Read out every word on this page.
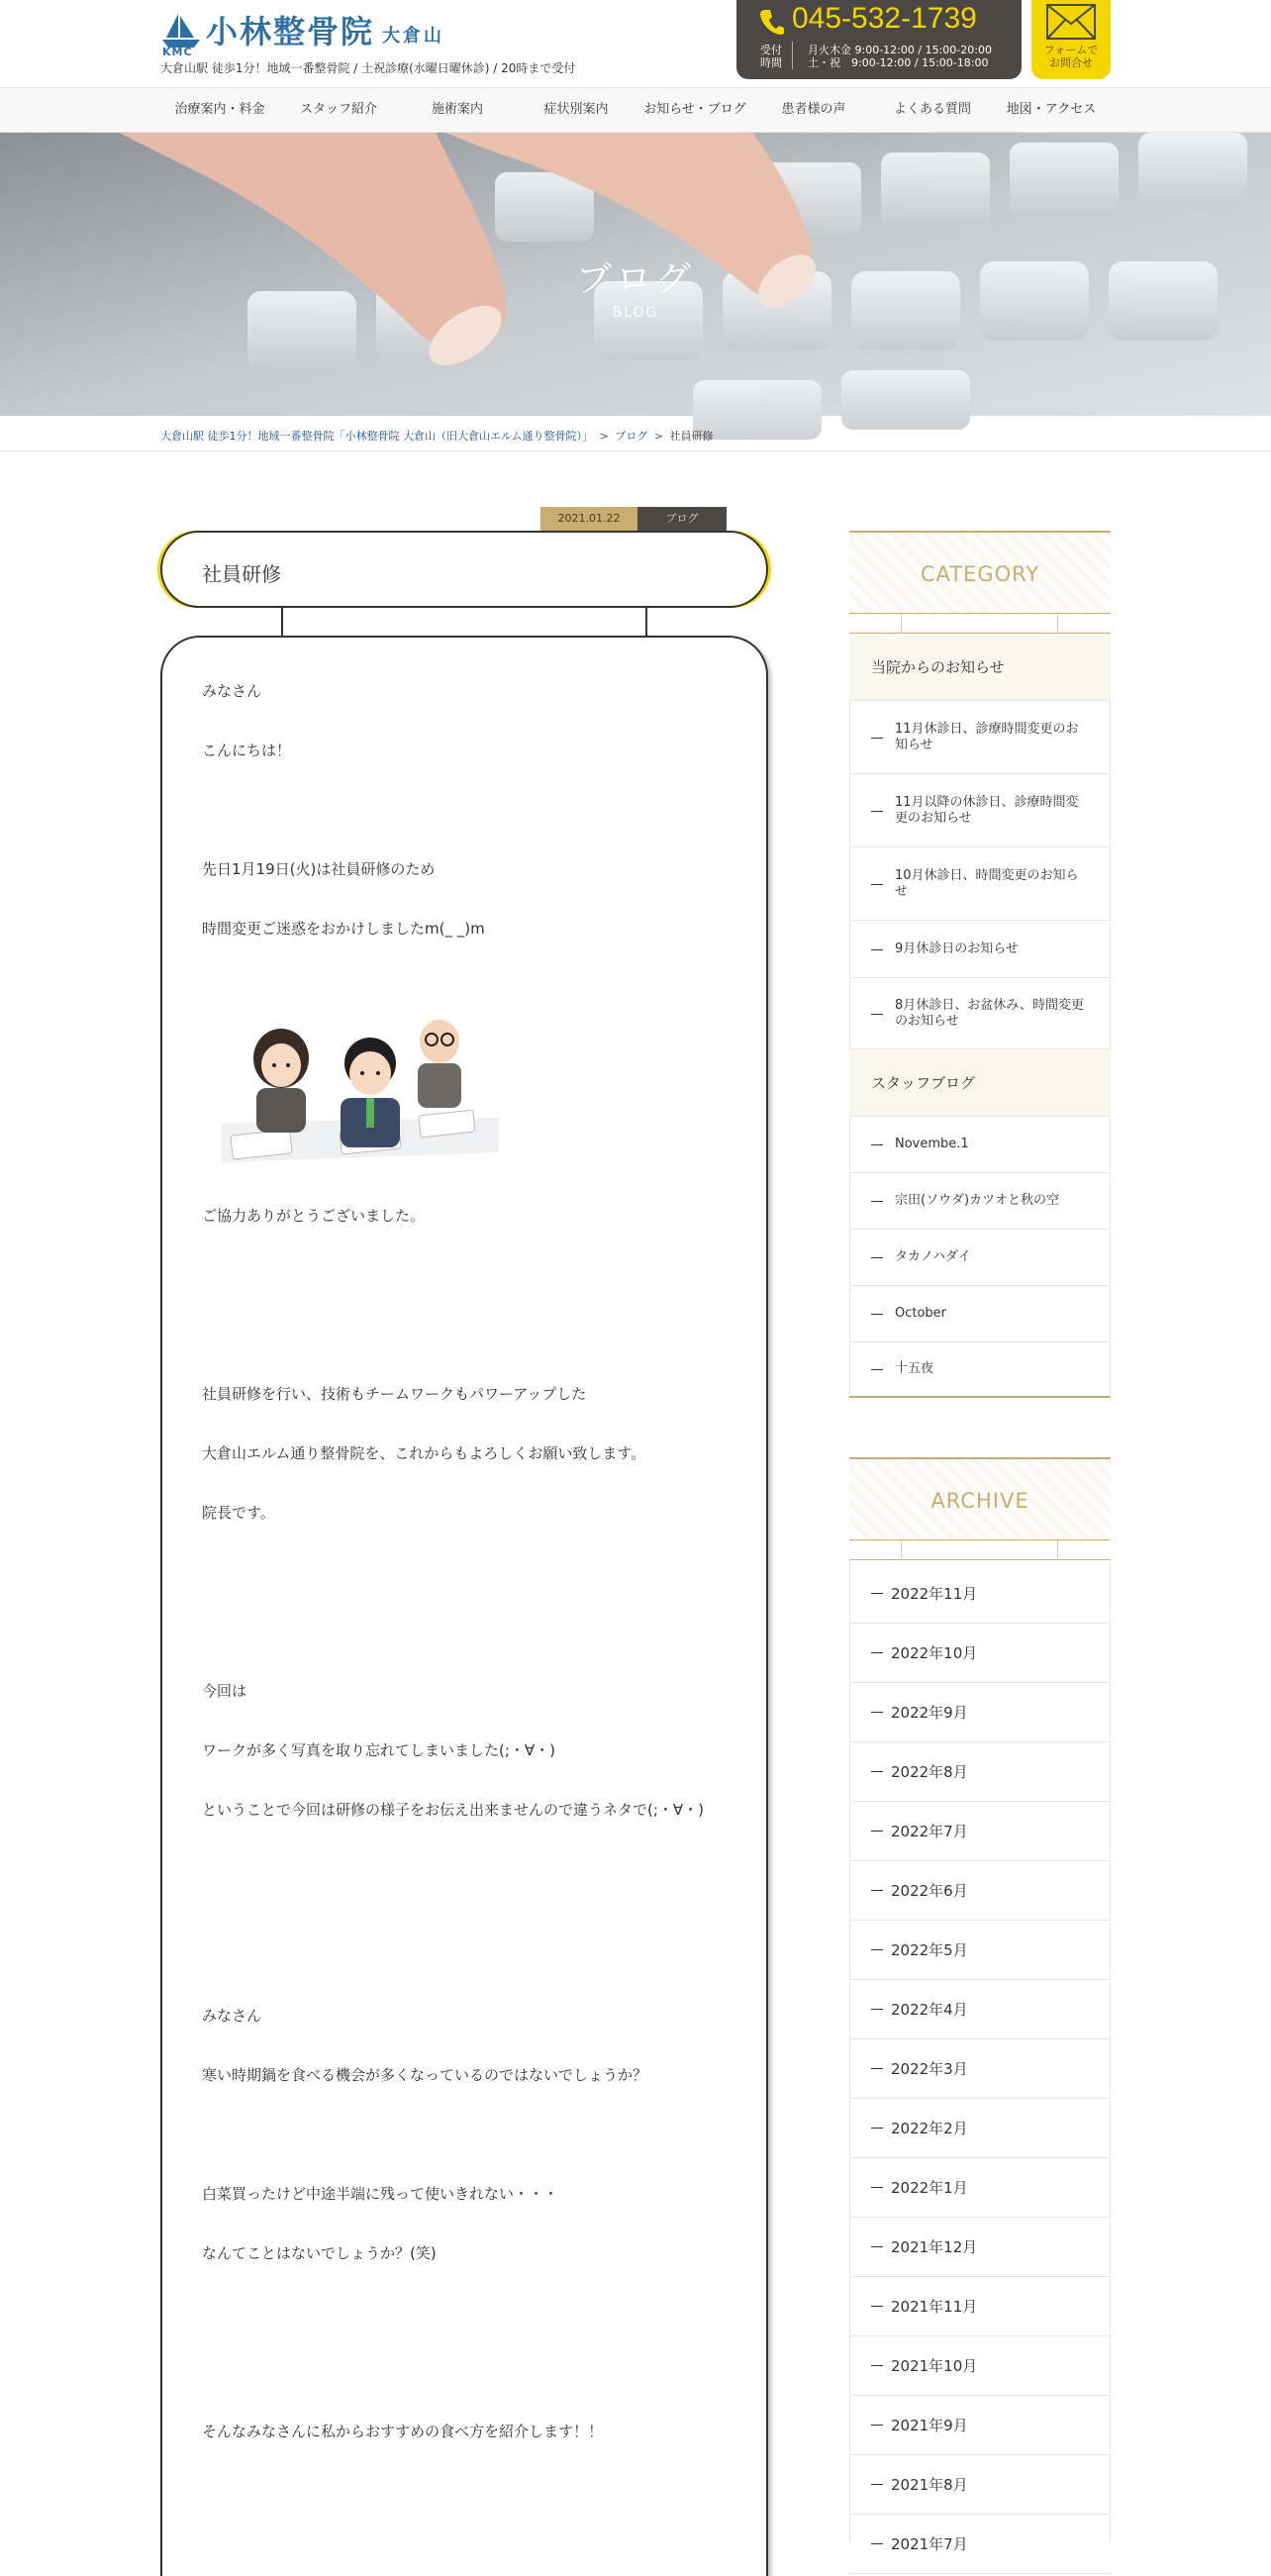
KMC
小林整骨院 大倉山
大倉山駅 徒歩1分！地域一番整骨院 / 土祝診療(水曜日曜休診) / 20時まで受付
045-532-1739
受付 時間
月火木金 9:00-12:00 / 15:00-20:00
土・祝　9:00-12:00 / 15:00-18:00
フォームで
お問合せ
治療案内・料金	スタッフ紹介	施術案内	症状別案内	お知らせ・ブログ	患者様の声	よくある質問	地図・アクセス
ブログ
BLOG
大倉山駅 徒歩1分！地域一番整骨院「小林整骨院 大倉山（旧大倉山エルム通り整骨院）」 > ブログ > 社員研修
2021.01.22	ブログ
社員研修

みなさん

こんにちは！

先日1月19日(火)は社員研修のため

時間変更ご迷惑をおかけしましたm(_ _)m

ご協力ありがとうございました。

社員研修を行い、技術もチームワークもパワーアップした

大倉山エルム通り整骨院を、これからもよろしくお願い致します。

院長です。

今回は

ワークが多く写真を取り忘れてしまいました(;・∀・)

ということで今回は研修の様子をお伝え出来ませんので違うネタで(;・∀・)

みなさん

寒い時期鍋を食べる機会が多くなっているのではないでしょうか？

白菜買ったけど中途半端に残って使いきれない・・・

なんてことはないでしょうか？(笑)

そんなみなさんに私からおすすめの食べ方を紹介します！！

CATEGORY
当院からのお知らせ
11月休診日、診療時間変更のお知らせ
11月以降の休診日、診療時間変更のお知らせ
10月休診日、時間変更のお知らせ
9月休診日のお知らせ
8月休診日、お盆休み、時間変更のお知らせ
スタッフブログ
Novembe.1
宗田(ソウダ)カツオと秋の空
タカノハダイ
October
十五夜
ARCHIVE
2022年11月
2022年10月
2022年9月
2022年8月
2022年7月
2022年6月
2022年5月
2022年4月
2022年3月
2022年2月
2022年1月
2021年12月
2021年11月
2021年10月
2021年9月
2021年8月
2021年7月
